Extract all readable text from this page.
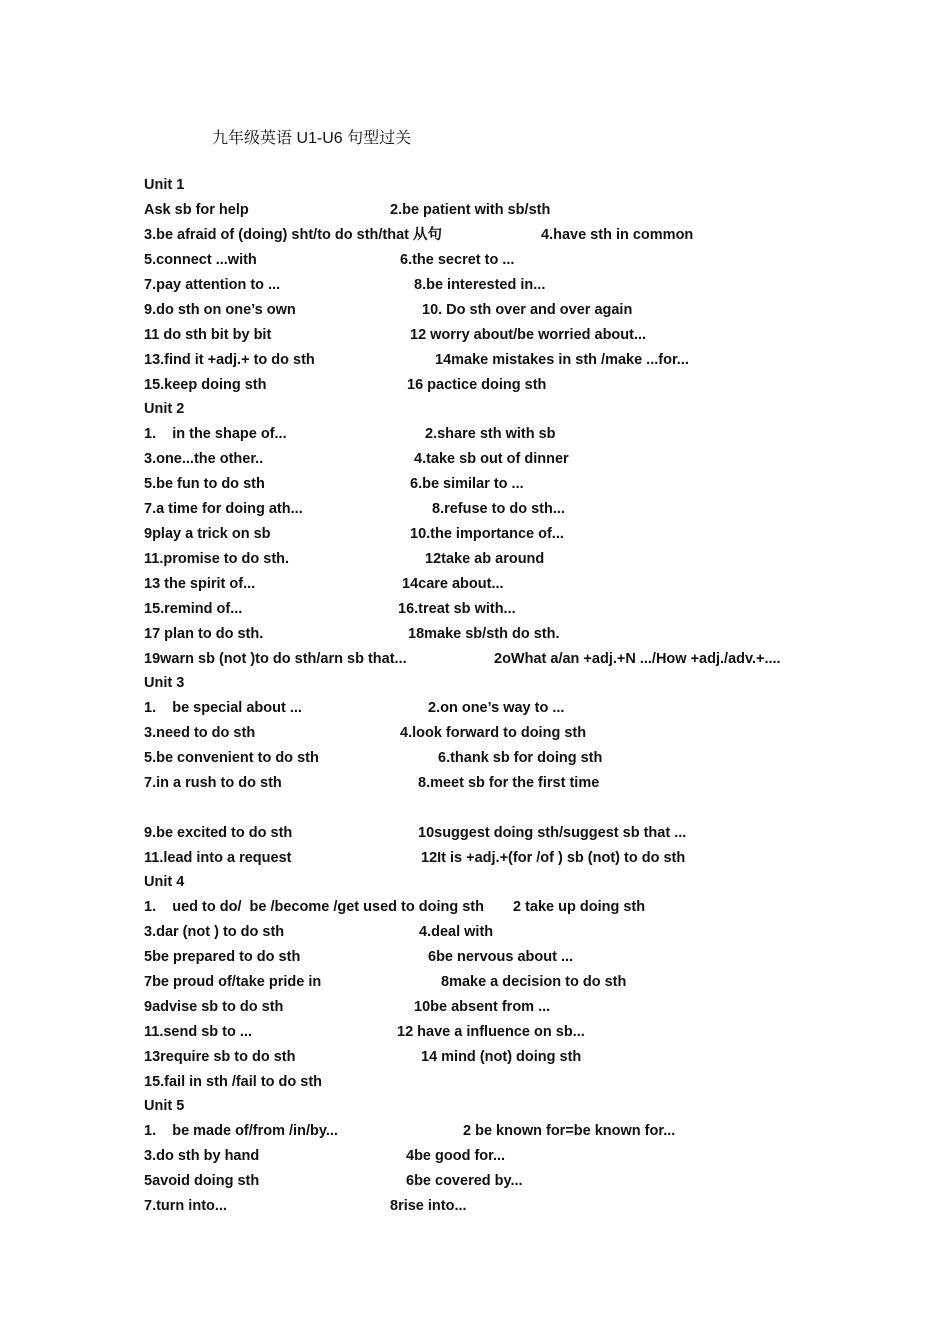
九年级英语 U1-U6 句型过关
Unit 1
Ask sb for help	2.be patient with sb/sth
3.be afraid of (doing) sht/to do sth/that 从句	4.have sth in common
5.connect ...with	6.the secret to ...
7.pay attention to ...	8.be interested in...
9.do sth on one’s own	10. Do sth over and over again
11 do sth bit by bit	12 worry about/be worried about...
13.find it +adj.+ to do sth	14make mistakes in sth /make ...for...
15.keep doing sth	16 pactice doing sth
Unit 2
1.    in the shape of...	2.share sth with sb
3.one...the other..	4.take sb out of dinner
5.be fun to do sth	6.be similar to ...
7.a time for doing ath...	8.refuse to do sth...
9play a trick on sb	10.the importance of...
11.promise to do sth.	12take ab around
13 the spirit of...	14care about...
15.remind of...	16.treat sb with...
17 plan to do sth.	18make sb/sth do sth.
19warn sb (not )to do sth/arn sb that...	2oWhat a/an +adj.+N .../How +adj./adv.+....
Unit 3
1.    be special about ...	2.on one’s way to ...
3.need to do sth	4.look forward to doing sth
5.be convenient to do sth	6.thank sb for doing sth
7.in a rush to do sth	8.meet sb for the first time
9.be excited to do sth	10suggest doing sth/suggest sb that ...
11.lead into a request	12It is +adj.+(for /of ) sb (not) to do sth
Unit 4
1.    ued to do/  be /become /get used to doing sth 2 take up doing sth
3.dar (not ) to do sth	4.deal with
5be prepared to do sth	6be nervous about ...
7be proud of/take pride in	8make a decision to do sth
9advise sb to do sth	10be absent from ...
11.send sb to ...	12 have a influence on sb...
13require sb to do sth	14 mind (not) doing sth
15.fail in sth /fail to do sth
Unit 5
1.    be made of/from /in/by...	2 be known for=be known for...
3.do sth by hand	4be good for...
5avoid doing sth	6be covered by...
7.turn into...	8rise into...
